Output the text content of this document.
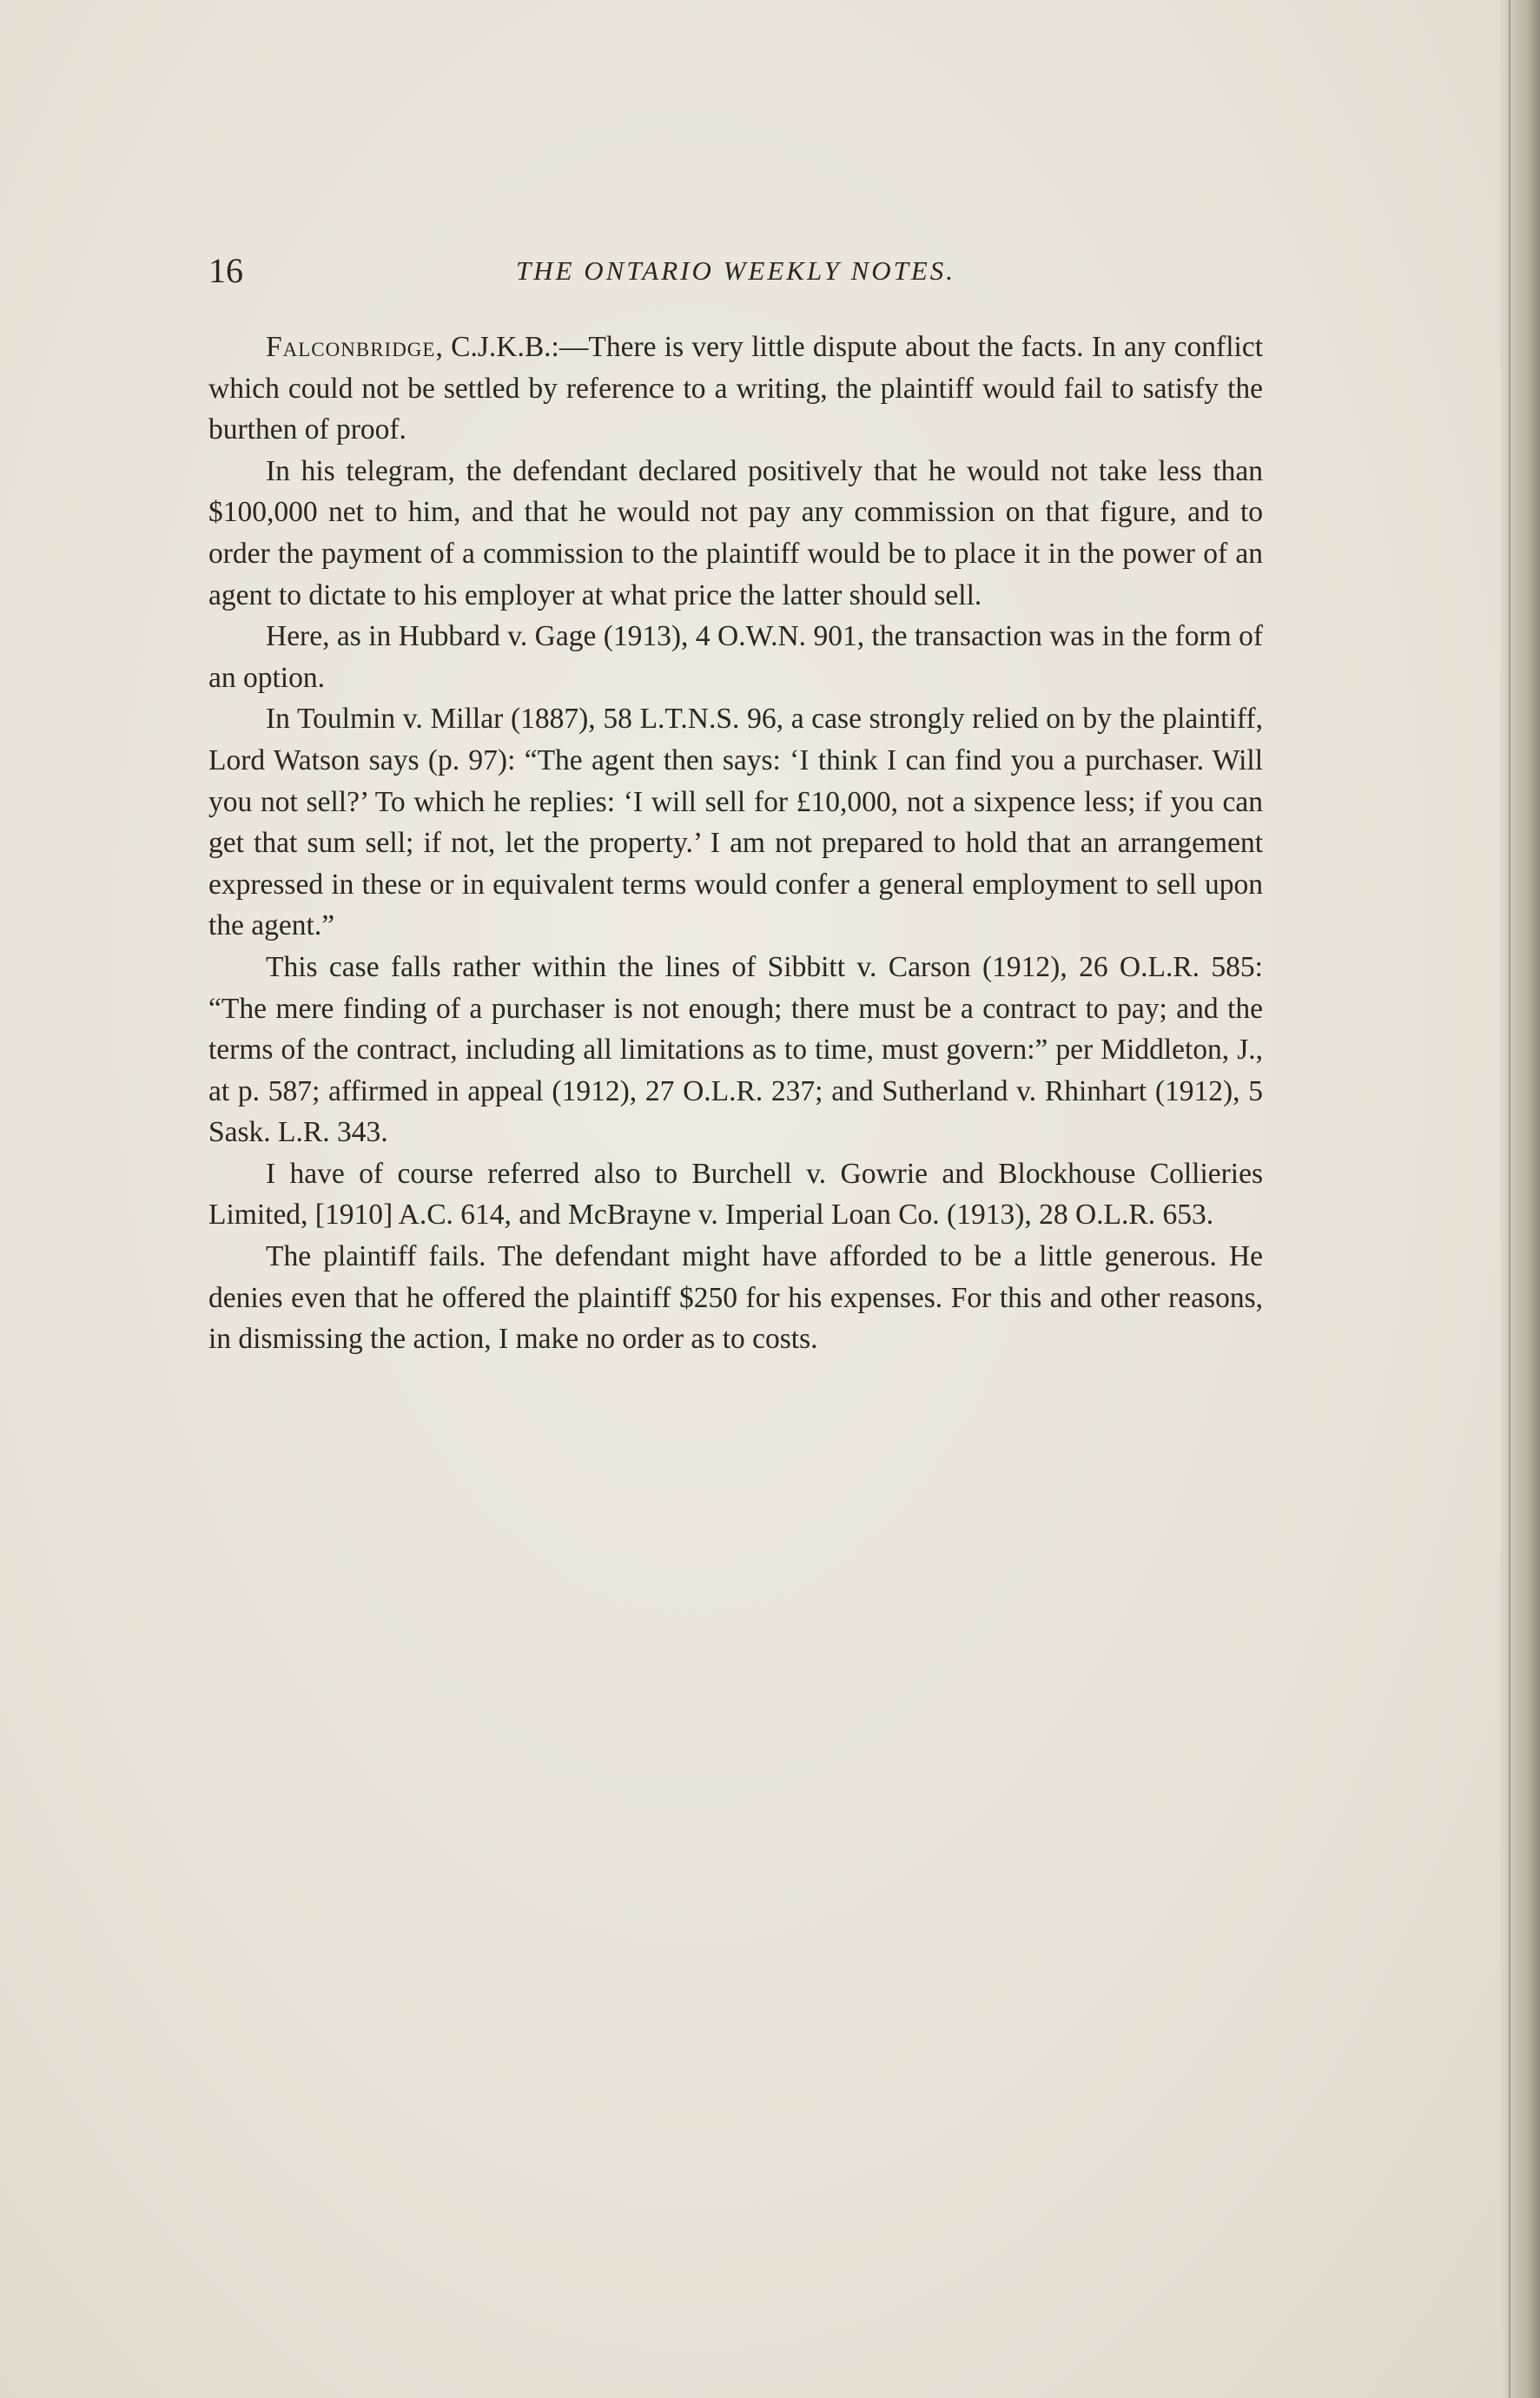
16	THE ONTARIO WEEKLY NOTES.

Falconbridge, C.J.K.B.:—There is very little dispute about the facts. In any conflict which could not be settled by reference to a writing, the plaintiff would fail to satisfy the burthen of proof.

In his telegram, the defendant declared positively that he would not take less than $100,000 net to him, and that he would not pay any commission on that figure, and to order the payment of a commission to the plaintiff would be to place it in the power of an agent to dictate to his employer at what price the latter should sell.

Here, as in Hubbard v. Gage (1913), 4 O.W.N. 901, the transaction was in the form of an option.

In Toulmin v. Millar (1887), 58 L.T.N.S. 96, a case strongly relied on by the plaintiff, Lord Watson says (p. 97): “The agent then says: ‘I think I can find you a purchaser. Will you not sell?’ To which he replies: ‘I will sell for £10,000, not a sixpence less; if you can get that sum sell; if not, let the property.’ I am not prepared to hold that an arrangement expressed in these or in equivalent terms would confer a general employment to sell upon the agent.”

This case falls rather within the lines of Sibbitt v. Carson (1912), 26 O.L.R. 585: “The mere finding of a purchaser is not enough; there must be a contract to pay; and the terms of the contract, including all limitations as to time, must govern:” per Middleton, J., at p. 587; affirmed in appeal (1912), 27 O.L.R. 237; and Sutherland v. Rhinhart (1912), 5 Sask. L.R. 343.

I have of course referred also to Burchell v. Gowrie and Blockhouse Collieries Limited, [1910] A.C. 614, and McBrayne v. Imperial Loan Co. (1913), 28 O.L.R. 653.

The plaintiff fails. The defendant might have afforded to be a little generous. He denies even that he offered the plaintiff $250 for his expenses. For this and other reasons, in dismissing the action, I make no order as to costs.
